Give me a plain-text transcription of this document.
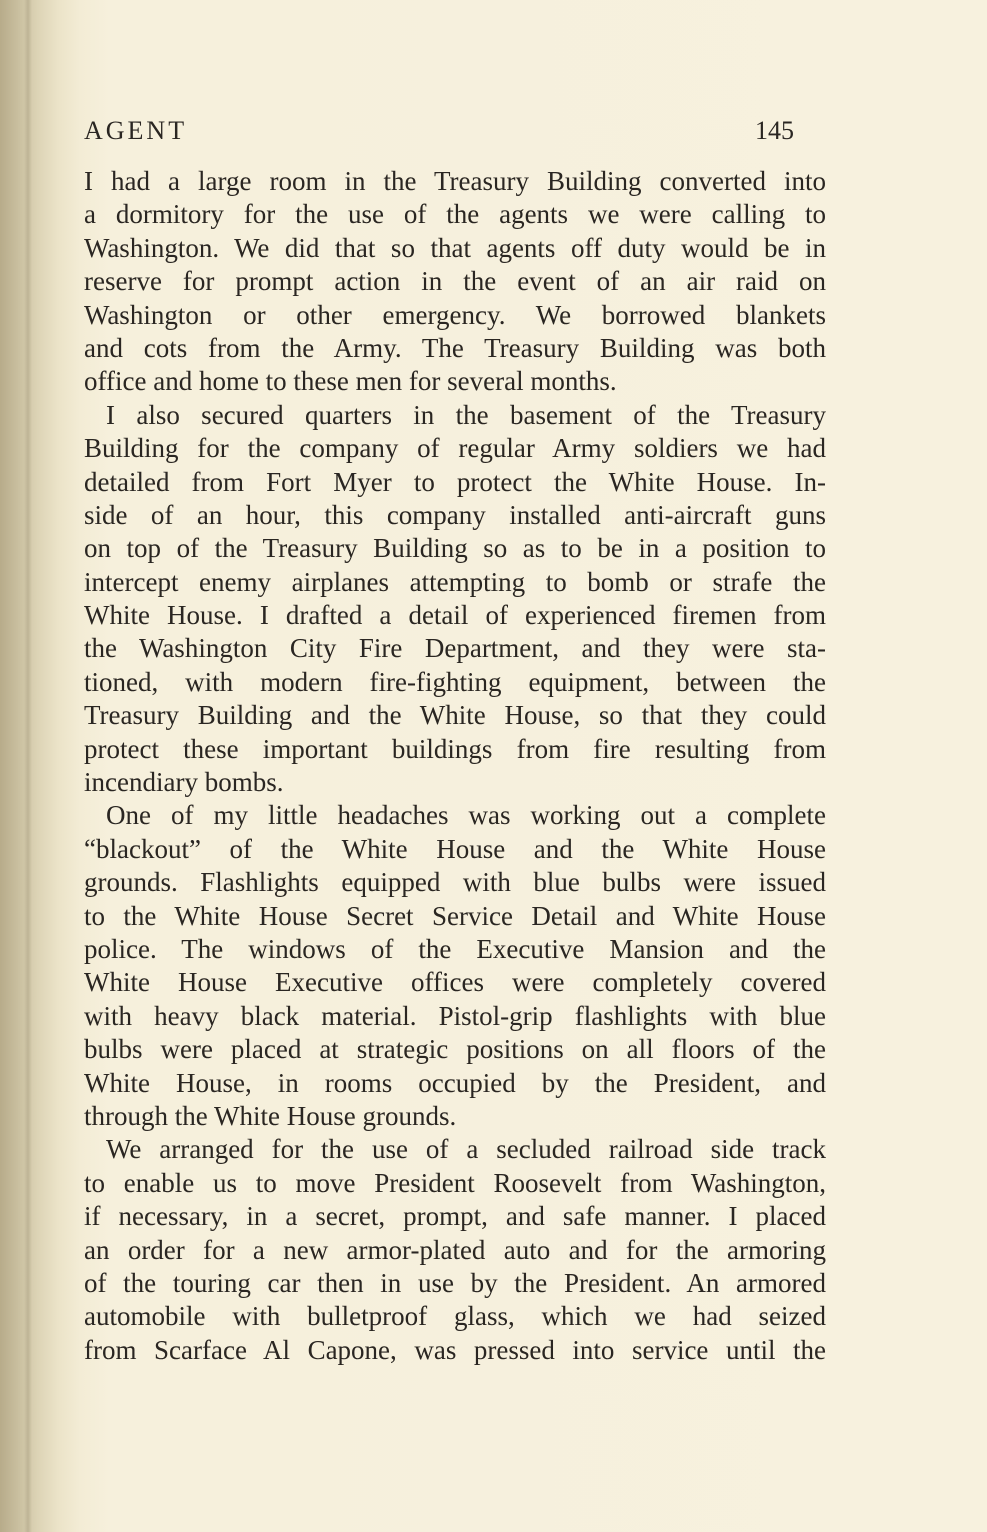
AGENT	145
I had a large room in the Treasury Building converted into
a dormitory for the use of the agents we were calling to
Washington. We did that so that agents off duty would be in
reserve for prompt action in the event of an air raid on
Washington or other emergency. We borrowed blankets
and cots from the Army. The Treasury Building was both
office and home to these men for several months.
I also secured quarters in the basement of the Treasury
Building for the company of regular Army soldiers we had
detailed from Fort Myer to protect the White House. In-
side of an hour, this company installed anti-aircraft guns
on top of the Treasury Building so as to be in a position to
intercept enemy airplanes attempting to bomb or strafe the
White House. I drafted a detail of experienced firemen from
the Washington City Fire Department, and they were sta-
tioned, with modern fire-fighting equipment, between the
Treasury Building and the White House, so that they could
protect these important buildings from fire resulting from
incendiary bombs.
One of my little headaches was working out a complete
“blackout” of the White House and the White House
grounds. Flashlights equipped with blue bulbs were issued
to the White House Secret Service Detail and White House
police. The windows of the Executive Mansion and the
White House Executive offices were completely covered
with heavy black material. Pistol-grip flashlights with blue
bulbs were placed at strategic positions on all floors of the
White House, in rooms occupied by the President, and
through the White House grounds.
We arranged for the use of a secluded railroad side track
to enable us to move President Roosevelt from Washington,
if necessary, in a secret, prompt, and safe manner. I placed
an order for a new armor-plated auto and for the armoring
of the touring car then in use by the President. An armored
automobile with bulletproof glass, which we had seized
from Scarface Al Capone, was pressed into service until the
